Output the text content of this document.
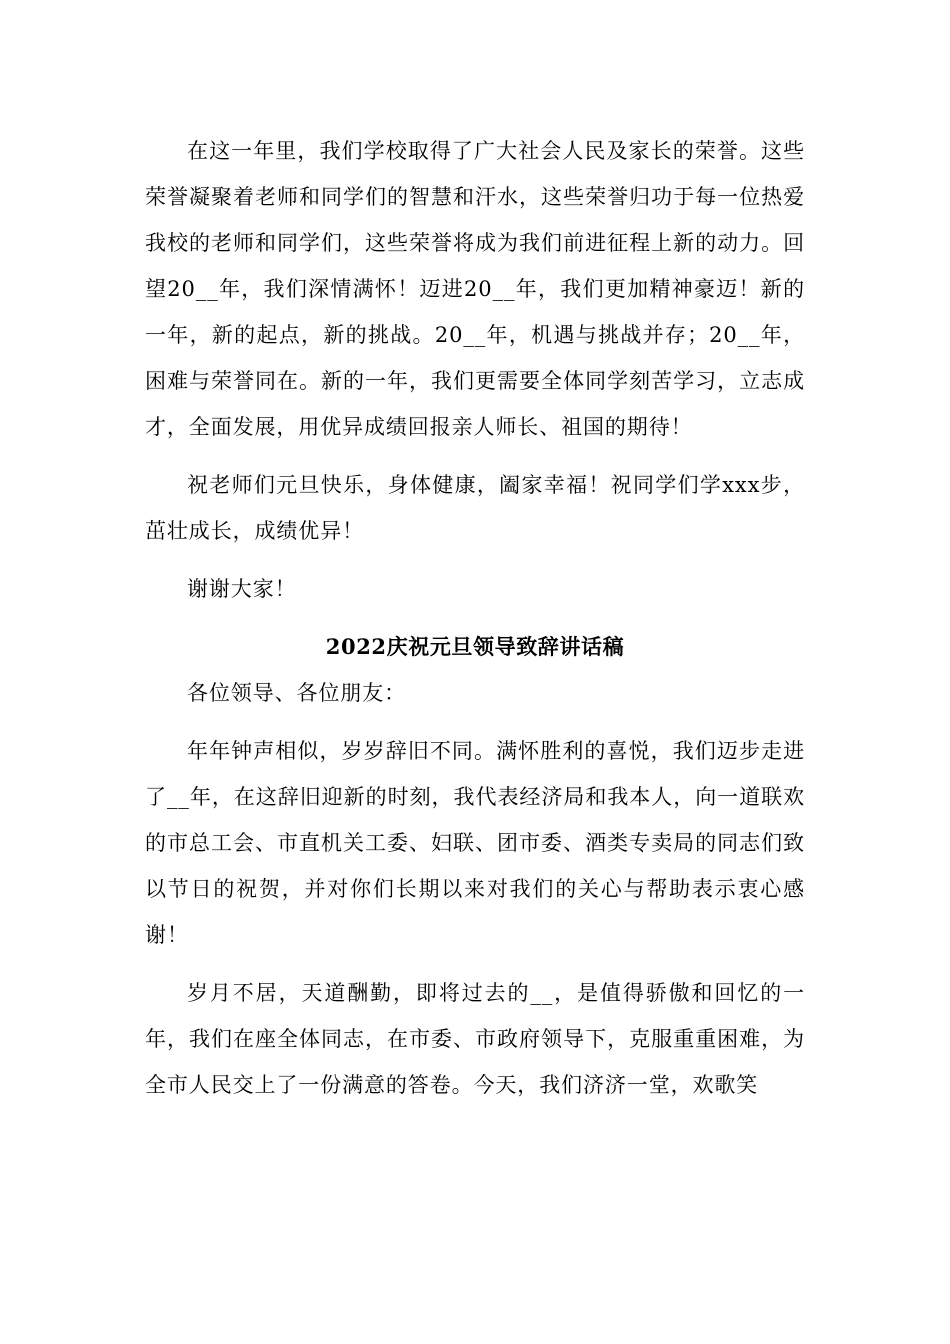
在这一年里，我们学校取得了广大社会人民及家长的荣誉。这些荣誉凝聚着老师和同学们的智慧和汗水，这些荣誉归功于每一位热爱我校的老师和同学们，这些荣誉将成为我们前进征程上新的动力。回望20__年，我们深情满怀！迈进20__年，我们更加精神豪迈！新的一年，新的起点，新的挑战。20__年，机遇与挑战并存；20__年，困难与荣誉同在。新的一年，我们更需要全体同学刻苦学习，立志成才，全面发展，用优异成绩回报亲人师长、祖国的期待！

祝老师们元旦快乐，身体健康，阖家幸福！祝同学们学xxx步，茁壮成长，成绩优异！

谢谢大家！

2022庆祝元旦领导致辞讲话稿

各位领导、各位朋友：

年年钟声相似，岁岁辞旧不同。满怀胜利的喜悦，我们迈步走进了__年，在这辞旧迎新的时刻，我代表经济局和我本人，向一道联欢的市总工会、市直机关工委、妇联、团市委、酒类专卖局的同志们致以节日的祝贺，并对你们长期以来对我们的关心与帮助表示衷心感谢！

岁月不居，天道酬勤，即将过去的__，是值得骄傲和回忆的一年，我们在座全体同志，在市委、市政府领导下，克服重重困难，为全市人民交上了一份满意的答卷。今天，我们济济一堂，欢歌笑
